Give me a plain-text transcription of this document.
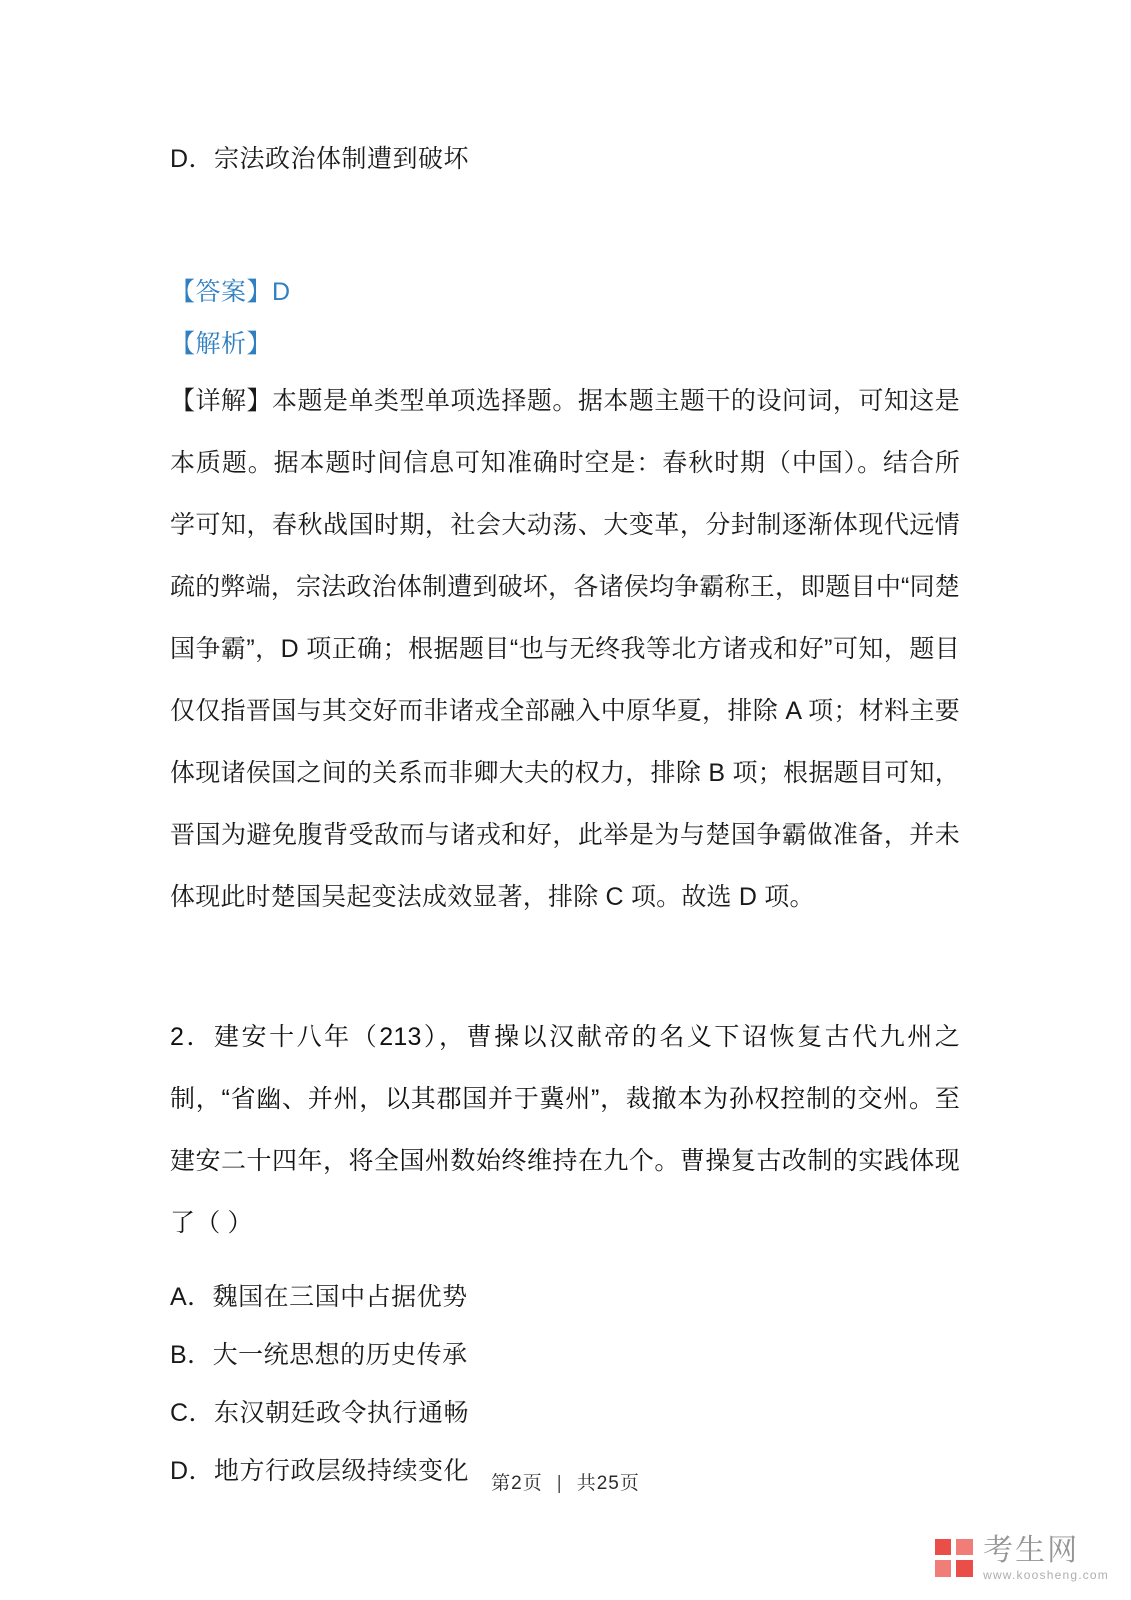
D．宗法政治体制遭到破坏
【答案】D
【解析】
【详解】本题是单类型单项选择题。据本题主题干的设问词，可知这是本质题。据本题时间信息可知准确时空是：春秋时期（中国）。结合所学可知，春秋战国时期，社会大动荡、大变革，分封制逐渐体现代远情疏的弊端，宗法政治体制遭到破坏，各诸侯均争霸称王，即题目中“同楚国争霸”，D 项正确；根据题目“也与无终我等北方诸戎和好”可知，题目仅仅指晋国与其交好而非诸戎全部融入中原华夏，排除 A 项；材料主要体现诸侯国之间的关系而非卿大夫的权力，排除 B 项；根据题目可知，晋国为避免腹背受敌而与诸戎和好，此举是为与楚国争霸做准备，并未体现此时楚国吴起变法成效显著，排除 C 项。故选 D 项。
2．建安十八年（213），曹操以汉献帝的名义下诏恢复古代九州之制，“省幽、并州，以其郡国并于冀州”，裁撤本为孙权控制的交州。至建安二十四年，将全国州数始终维持在九个。曹操复古改制的实践体现了（ ）
A．魏国在三国中占据优势
B．大一统思想的历史传承
C．东汉朝廷政令执行通畅
D．地方行政层级持续变化	第2页 | 共25页
考生网
www.koosheng.com
